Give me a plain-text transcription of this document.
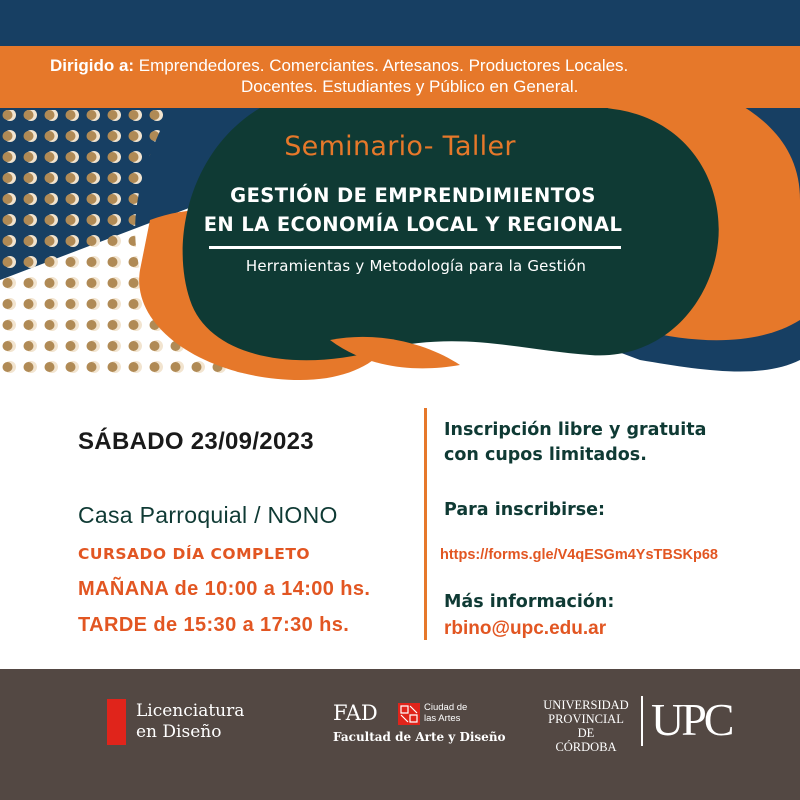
Dirigido a: Emprendedores. Comerciantes. Artesanos. Productores Locales.
Docentes. Estudiantes y Público en General.
Seminario- Taller
GESTIÓN DE EMPRENDIMIENTOS
EN LA ECONOMÍA LOCAL Y REGIONAL
Herramientas y Metodología para la Gestión
SÁBADO 23/09/2023
Casa Parroquial / NONO
CURSADO DÍA COMPLETO
MAÑANA de 10:00 a 14:00 hs.
TARDE de 15:30 a 17:30 hs.
Inscripción libre y gratuita
con cupos limitados.
Para inscribirse:
https://forms.gle/V4qESGm4YsTBSKp68
Más información:
rbino@upc.edu.ar
Licenciatura
en Diseño
FAD	Ciudad de
las Artes
Facultad de Arte y Diseño
UNIVERSIDAD
PROVINCIAL DE
CÓRDOBA
UPC
